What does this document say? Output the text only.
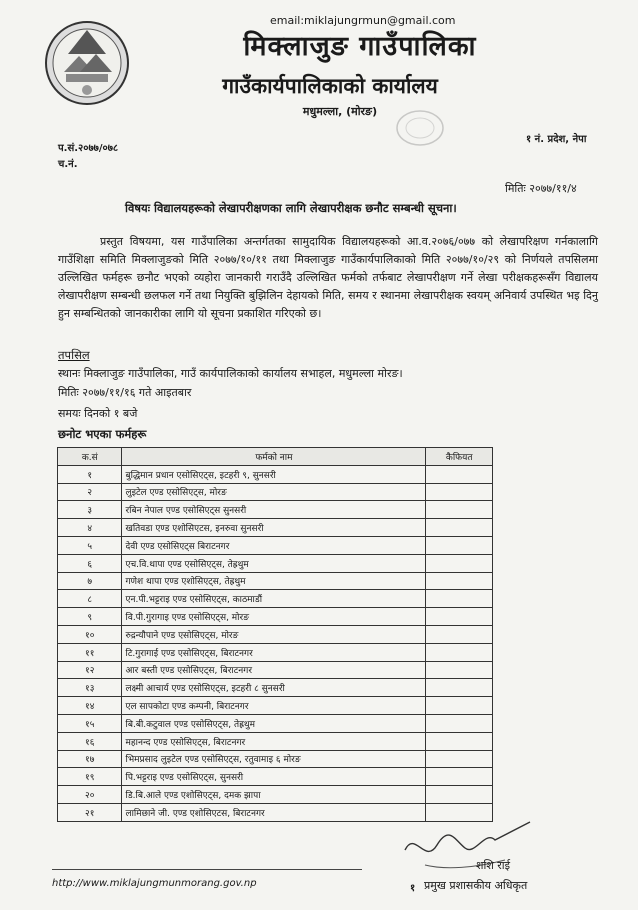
email:miklajungrmun@gmail.com
मिक्लाजुङ गाउँपालिका
गाउँकार्यपालिकाको कार्यालय
मधुमल्ला, (मोरङ)
प.सं.२०७७/०७८
च.नं.
१ नं. प्रदेश, नेपा
मितिः २०७७/११/४
विषयः विद्यालयहरूको लेखापरीक्षणका लागि लेखापरीक्षक छनौट सम्बन्धी सूचना।
प्रस्तुत विषयमा, यस गाउँपालिका अन्तर्गतका सामुदायिक विद्यालयहरूको आ.व.२०७६/०७७ को लेखापरिक्षण गर्नकालागि गाउँशिक्षा समिति मिक्लाजुङको मिति २०७७/१०/११ तथा मिक्लाजुङ गाउँकार्यपालिकाको मिति २०७७/१०/२९ को निर्णयले तपसिलमा उल्लिखित फर्महरू छनौट भएको व्यहोरा जानकारी गराउँदै उल्लिखित फर्मको तर्फबाट लेखापरीक्षण गर्ने लेखा परीक्षकहरूसँग विद्यालय लेखापरीक्षण सम्बन्धी छलफल गर्ने तथा नियुक्ति बुझिलिन देहायको मिति, समय र स्थानमा लेखापरीक्षक स्वयम् अनिवार्य उपस्थित भइ दिनु हुन सम्बन्धितको जानकारीका लागि यो सूचना प्रकाशित गरिएको छ।
तपसिल
स्थानः मिक्लाजुङ गाउँपालिका, गाउँ कार्यपालिकाको कार्यालय सभाहल, मधुमल्ला मोरङ।
मितिः २०७७/११/१६ गते आइतबार
समयः दिनको १ बजे
छनोट भएका फर्महरू
क.सं	फर्मको नाम	कैफियत
१	बुद्धिमान प्रधान एसोसिएट्स, इटहरी ९, सुनसरी	
२	लुइटेल एण्ड एसोसिएट्स, मोरङ	
३	रबिन नेपाल एण्ड एसोसिएट्स सुनसरी	
४	खतिवडा एण्ड एशोसिएटस, इनरुवा सुनसरी	
५	देवी एण्ड एसोसिएट्स बिराटनगर	
६	एच.वि.थापा एण्ड एसोसिएट्स, तेह्रथुम	
७	गणेश थापा एण्ड एशोसिएट्स, तेह्रथुम	
८	एन.पी.भट्टराइ एण्ड एसोसिएट्स, काठमाडौं	
९	वि.पी.गुरागाइ एण्ड एसोसिएट्स, मोरङ	
१०	रुद्रन्यौपाने एण्ड एसोसिएट्स, मोरङ	
११	टि.गुरागाई एण्ड एसोसिएट्स, बिराटनगर	
१२	आर बस्ती एण्ड एसोसिएट्स, बिराटनगर	
१३	लक्ष्मी आचार्य एण्ड एसोसिएट्स, इटहरी ८ सुनसरी	
१४	एल सापकोटा एण्ड कम्पनी, बिराटनगर	
१५	बि.बी.कटुवाल एण्ड एसोसिएट्स, तेह्रथुम	
१६	महानन्द एण्ड एसोसिएट्स, बिराटनगर	
१७	भिमप्रसाद लुइटेल एण्ड एसोसिएट्स, रतुवामाइ ६ मोरङ	
१९	पि.भट्टराइ एण्ड एसोसिएट्स, सुनसरी	
२०	डि.बि.आले एण्ड एशोसिएट्स, दमक झापा	
२१	लामिछाने जी. एण्ड एशोसिएटस, बिराटनगर	
शशि राई
प्रमुख प्रशासकीय अधिकृत
http://www.miklajungmunmorang.gov.np	१
